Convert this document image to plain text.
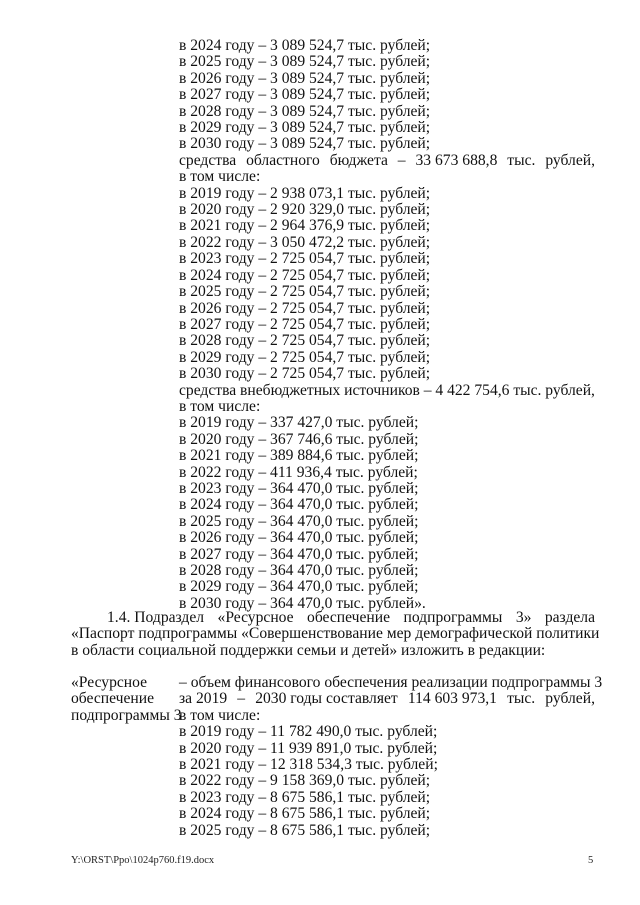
в 2024 году – 3 089 524,7 тыс. рублей;
в 2025 году – 3 089 524,7 тыс. рублей;
в 2026 году – 3 089 524,7 тыс. рублей;
в 2027 году – 3 089 524,7 тыс. рублей;
в 2028 году – 3 089 524,7 тыс. рублей;
в 2029 году – 3 089 524,7 тыс. рублей;
в 2030 году – 3 089 524,7 тыс. рублей;
средства областного бюджета – 33 673 688,8 тыс. рублей,
в том числе:
в 2019 году – 2 938 073,1 тыс. рублей;
в 2020 году – 2 920 329,0 тыс. рублей;
в 2021 году – 2 964 376,9 тыс. рублей;
в 2022 году – 3 050 472,2 тыс. рублей;
в 2023 году – 2 725 054,7 тыс. рублей;
в 2024 году – 2 725 054,7 тыс. рублей;
в 2025 году – 2 725 054,7 тыс. рублей;
в 2026 году – 2 725 054,7 тыс. рублей;
в 2027 году – 2 725 054,7 тыс. рублей;
в 2028 году – 2 725 054,7 тыс. рублей;
в 2029 году – 2 725 054,7 тыс. рублей;
в 2030 году – 2 725 054,7 тыс. рублей;
средства внебюджетных источников – 4 422 754,6 тыс. рублей,
в том числе:
в 2019 году – 337 427,0 тыс. рублей;
в 2020 году – 367 746,6 тыс. рублей;
в 2021 году – 389 884,6 тыс. рублей;
в 2022 году – 411 936,4 тыс. рублей;
в 2023 году – 364 470,0 тыс. рублей;
в 2024 году – 364 470,0 тыс. рублей;
в 2025 году – 364 470,0 тыс. рублей;
в 2026 году – 364 470,0 тыс. рублей;
в 2027 году – 364 470,0 тыс. рублей;
в 2028 году – 364 470,0 тыс. рублей;
в 2029 году – 364 470,0 тыс. рублей;
в 2030 году – 364 470,0 тыс. рублей».
1.4. Подраздел «Ресурсное обеспечение подпрограммы 3» раздела
«Паспорт подпрограммы «Совершенствование мер демографической политики
в области социальной поддержки семьи и детей» изложить в редакции:
«Ресурсное
обеспечение
подпрограммы 3
– объем финансового обеспечения реализации подпрограммы 3
за 2019 – 2030 годы составляет 114 603 973,1 тыс. рублей,
в том числе:
в 2019 году – 11 782 490,0 тыс. рублей;
в 2020 году – 11 939 891,0 тыс. рублей;
в 2021 году – 12 318 534,3 тыс. рублей;
в 2022 году – 9 158 369,0 тыс. рублей;
в 2023 году – 8 675 586,1 тыс. рублей;
в 2024 году – 8 675 586,1 тыс. рублей;
в 2025 году – 8 675 586,1 тыс. рублей;
Y:\ORST\Ppo\1024p760.f19.docx	5
